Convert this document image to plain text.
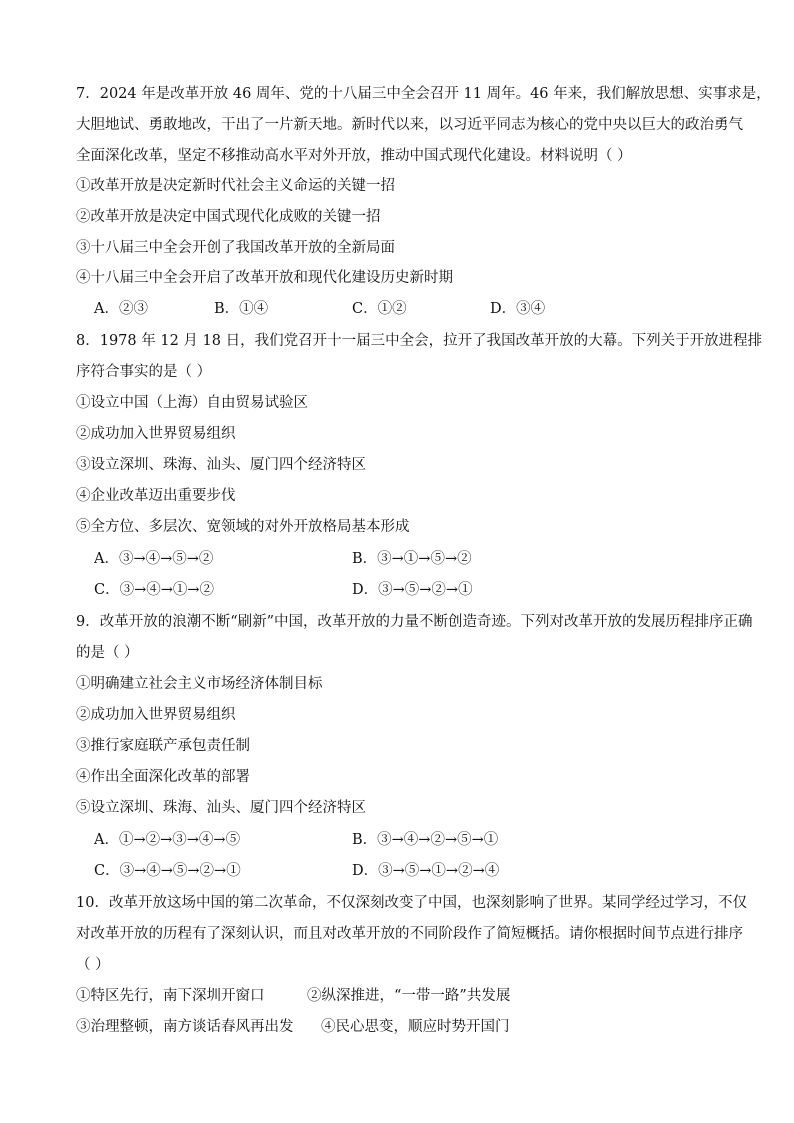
7．2024 年是改革开放 46 周年、党的十八届三中全会召开 11 周年。46 年来，我们解放思想、实事求是，
大胆地试、勇敢地改，干出了一片新天地。新时代以来，以习近平同志为核心的党中央以巨大的政治勇气
全面深化改革，坚定不移推动高水平对外开放，推动中国式现代化建设。材料说明（ ）
①改革开放是决定新时代社会主义命运的关键一招
②改革开放是决定中国式现代化成败的关键一招
③十八届三中全会开创了我国改革开放的全新局面
④十八届三中全会开启了改革开放和现代化建设历史新时期
A．②③	B．①④	C．①②	D．③④
8．1978 年 12 月 18 日，我们党召开十一届三中全会，拉开了我国改革开放的大幕。下列关于开放进程排
序符合事实的是（ ）
①设立中国（上海）自由贸易试验区
②成功加入世界贸易组织
③设立深圳、珠海、汕头、厦门四个经济特区
④企业改革迈出重要步伐
⑤全方位、多层次、宽领域的对外开放格局基本形成
A．③→④→⑤→②	B．③→①→⑤→②
C．③→④→①→②	D．③→⑤→②→①
9．改革开放的浪潮不断“刷新”中国，改革开放的力量不断创造奇迹。下列对改革开放的发展历程排序正确
的是（ ）
①明确建立社会主义市场经济体制目标
②成功加入世界贸易组织
③推行家庭联产承包责任制
④作出全面深化改革的部署
⑤设立深圳、珠海、汕头、厦门四个经济特区
A．①→②→③→④→⑤	B．③→④→②→⑤→①
C．③→④→⑤→②→①	D．③→⑤→①→②→④
10．改革开放这场中国的第二次革命，不仅深刻改变了中国，也深刻影响了世界。某同学经过学习，不仅
对改革开放的历程有了深刻认识，而且对改革开放的不同阶段作了简短概括。请你根据时间节点进行排序
（ ）
①特区先行，南下深圳开窗口	②纵深推进，“一带一路”共发展
③治理整顿，南方谈话春风再出发 ④民心思变，顺应时势开国门
